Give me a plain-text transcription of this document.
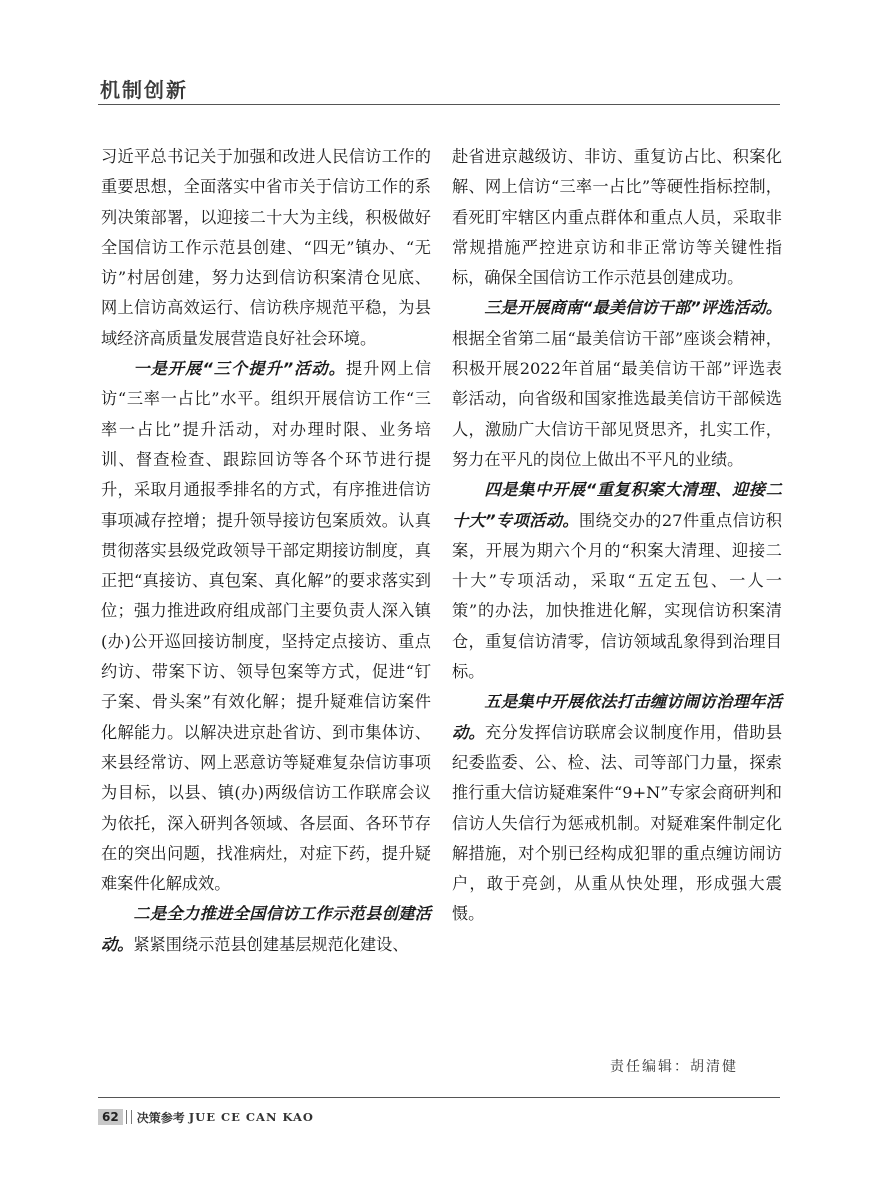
机制创新

习近平总书记关于加强和改进人民信访工作的重要思想，全面落实中省市关于信访工作的系列决策部署，以迎接二十大为主线，积极做好全国信访工作示范县创建、“四无”镇办、“无访”村居创建，努力达到信访积案清仓见底、网上信访高效运行、信访秩序规范平稳，为县域经济高质量发展营造良好社会环境。

一是开展“三个提升”活动。提升网上信访“三率一占比”水平。组织开展信访工作“三率一占比”提升活动，对办理时限、业务培训、督查检查、跟踪回访等各个环节进行提升，采取月通报季排名的方式，有序推进信访事项减存控增；提升领导接访包案质效。认真贯彻落实县级党政领导干部定期接访制度，真正把“真接访、真包案、真化解”的要求落实到位；强力推进政府组成部门主要负责人深入镇(办)公开巡回接访制度，坚持定点接访、重点约访、带案下访、领导包案等方式，促进“钉子案、骨头案”有效化解；提升疑难信访案件化解能力。以解决进京赴省访、到市集体访、来县经常访、网上恶意访等疑难复杂信访事项为目标，以县、镇(办)两级信访工作联席会议为依托，深入研判各领域、各层面、各环节存在的突出问题，找准病灶，对症下药，提升疑难案件化解成效。

二是全力推进全国信访工作示范县创建活动。紧紧围绕示范县创建基层规范化建设、

赴省进京越级访、非访、重复访占比、积案化解、网上信访“三率一占比”等硬性指标控制，看死盯牢辖区内重点群体和重点人员，采取非常规措施严控进京访和非正常访等关键性指标，确保全国信访工作示范县创建成功。

三是开展商南“最美信访干部”评选活动。根据全省第二届“最美信访干部”座谈会精神，积极开展2022年首届“最美信访干部”评选表彰活动，向省级和国家推选最美信访干部候选人，激励广大信访干部见贤思齐，扎实工作，努力在平凡的岗位上做出不平凡的业绩。

四是集中开展“重复积案大清理、迎接二十大”专项活动。围绕交办的27件重点信访积案，开展为期六个月的“积案大清理、迎接二十大”专项活动，采取“五定五包、一人一策”的办法，加快推进化解，实现信访积案清仓，重复信访清零，信访领域乱象得到治理目标。

五是集中开展依法打击缠访闹访治理年活动。充分发挥信访联席会议制度作用，借助县纪委监委、公、检、法、司等部门力量，探索推行重大信访疑难案件“9+N”专家会商研判和信访人失信行为惩戒机制。对疑难案件制定化解措施，对个别已经构成犯罪的重点缠访闹访户，敢于亮剑，从重从快处理，形成强大震慑。

责任编辑：胡清健
62	决策参考 JUE CE CAN KAO
